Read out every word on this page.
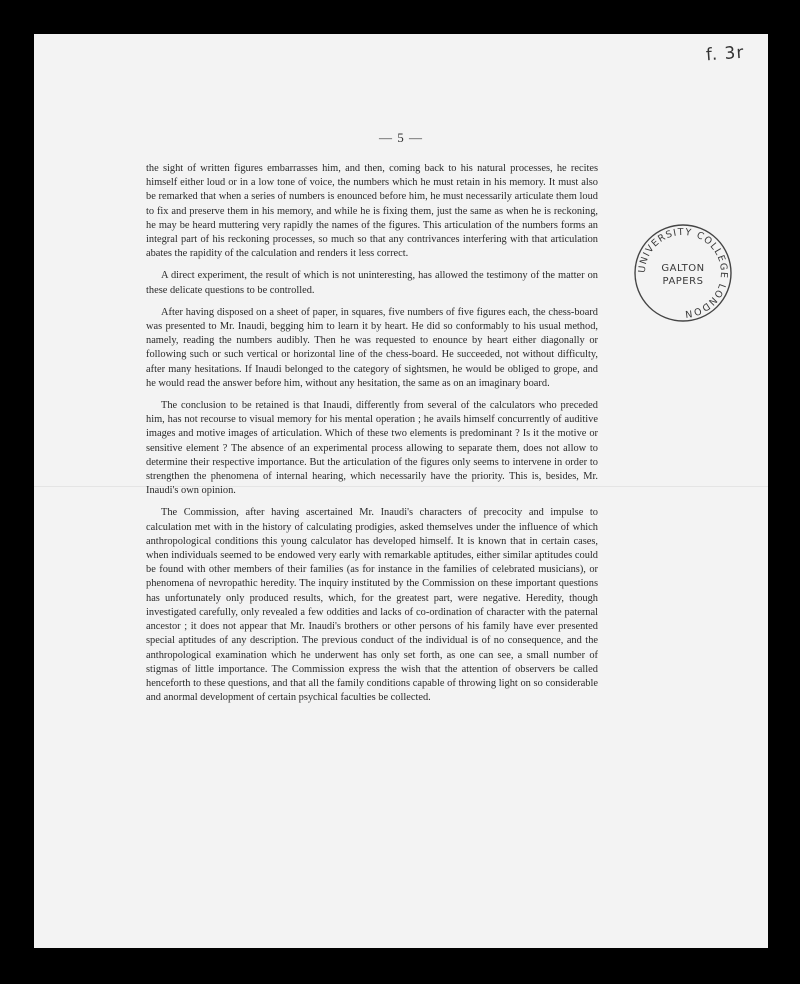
f. 3r
— 5 —

the sight of written figures embarrasses him, and then, coming back to his natural processes, he recites himself either loud or in a low tone of voice, the numbers which he must retain in his memory. It must also be remarked that when a series of numbers is enounced before him, he must necessarily articulate them loud to fix and preserve them in his memory, and while he is fixing them, just the same as when he is reckoning, he may be heard muttering very rapidly the names of the figures. This articulation of the numbers forms an integral part of his reckoning processes, so much so that any contrivances interfering with that articulation abates the rapidity of the calculation and renders it less correct.

A direct experiment, the result of which is not uninteresting, has allowed the testimony of the matter on these delicate questions to be controlled.

After having disposed on a sheet of paper, in squares, five numbers of five figures each, the chess-board was presented to Mr. Inaudi, begging him to learn it by heart. He did so conformably to his usual method, namely, reading the numbers audibly. Then he was requested to enounce by heart either diagonally or following such or such vertical or horizontal line of the chess-board. He succeeded, not without difficulty, after many hesitations. If Inaudi belonged to the category of sightsmen, he would be obliged to grope, and he would read the answer before him, without any hesitation, the same as on an imaginary board.

The conclusion to be retained is that Inaudi, differently from several of the calculators who preceded him, has not recourse to visual memory for his mental operation ; he avails himself concurrently of auditive images and motive images of articulation. Which of these two elements is predominant ? Is it the motive or sensitive element ? The absence of an experimental process allowing to separate them, does not allow to determine their respective importance. But the articulation of the figures only seems to intervene in order to strengthen the phenomena of internal hearing, which necessarily have the priority. This is, besides, Mr. Inaudi's own opinion.

The Commission, after having ascertained Mr. Inaudi's characters of precocity and impulse to calculation met with in the history of calculating prodigies, asked themselves under the influence of which anthropological conditions this young calculator has developed himself. It is known that in certain cases, when individuals seemed to be endowed very early with remarkable aptitudes, either similar aptitudes could be found with other members of their families (as for instance in the families of celebrated musicians), or phenomena of nevropathic heredity. The inquiry instituted by the Commission on these important questions has unfortunately only produced results, which, for the greatest part, were negative. Heredity, though investigated carefully, only revealed a few oddities and lacks of co-ordination of character with the paternal ancestor ; it does not appear that Mr. Inaudi's brothers or other persons of his family have ever presented special aptitudes of any description. The previous conduct of the individual is of no consequence, and the anthropological examination which he underwent has only set forth, as one can see, a small number of stigmas of little importance. The Commission express the wish that the attention of observers be called henceforth to these questions, and that all the family conditions capable of throwing light on so considerable and anormal development of certain psychical faculties be collected.

UNIVERSITY COLLEGE LONDON
GALTON
PAPERS
